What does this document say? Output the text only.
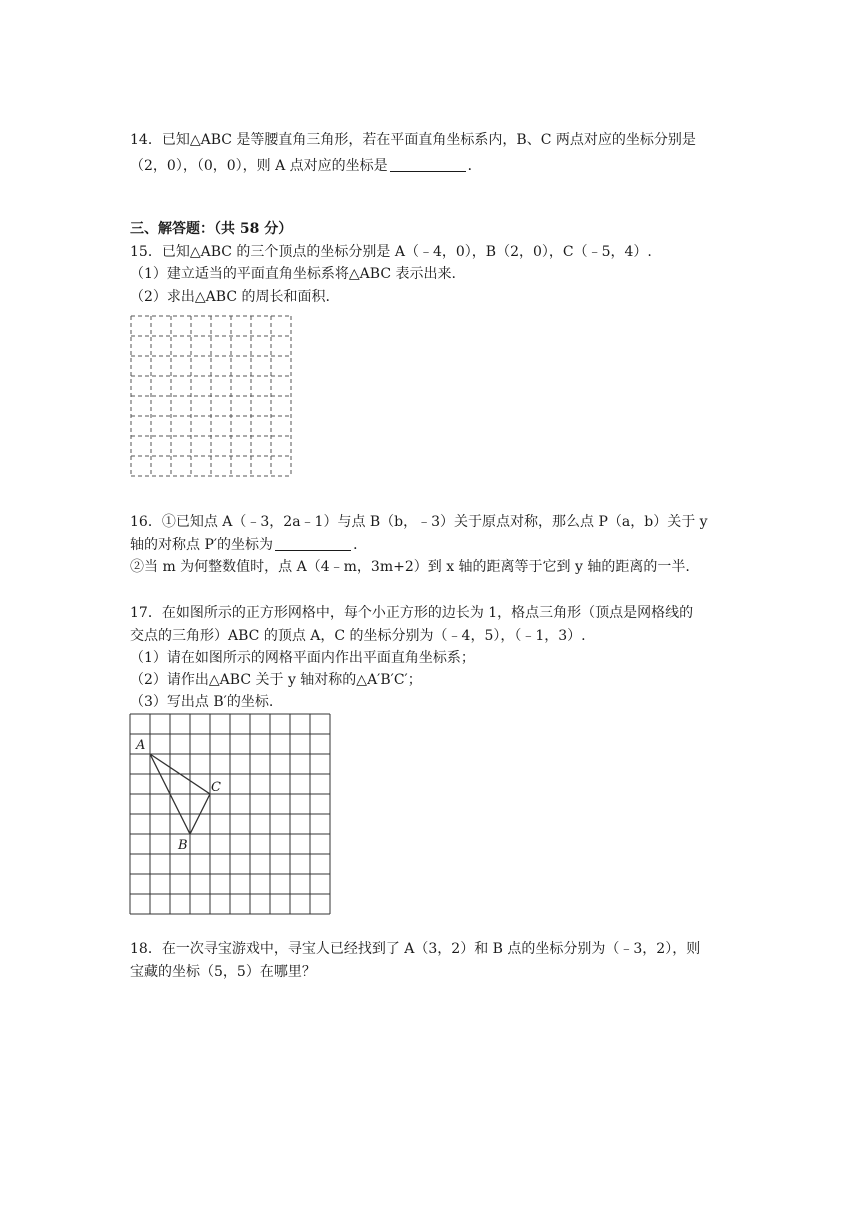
14．已知△ABC 是等腰直角三角形，若在平面直角坐标系内，B、C 两点对应的坐标分别是
（2，0），（0，0），则 A 点对应的坐标是	．
三、解答题：（共 58 分）
15．已知△ABC 的三个顶点的坐标分别是 A（﹣4，0），B（2，0），C（﹣5，4）.
（1）建立适当的平面直角坐标系将△ABC 表示出来.
（2）求出△ABC 的周长和面积.
16．①已知点 A（﹣3，2a﹣1）与点 B（b，﹣3）关于原点对称，那么点 P（a，b）关于 y
轴的对称点 P′的坐标为	．
②当 m 为何整数值时，点 A（4﹣m，3m+2）到 x 轴的距离等于它到 y 轴的距离的一半.
17．在如图所示的正方形网格中，每个小正方形的边长为 1，格点三角形（顶点是网格线的
交点的三角形）ABC 的顶点 A，C 的坐标分别为（﹣4，5），（﹣1，3）.
（1）请在如图所示的网格平面内作出平面直角坐标系；
（2）请作出△ABC 关于 y 轴对称的△A′B′C′；
（3）写出点 B′的坐标.
A
C
B
18．在一次寻宝游戏中，寻宝人已经找到了 A（3，2）和 B 点的坐标分别为（﹣3，2），则
宝藏的坐标（5，5）在哪里？
